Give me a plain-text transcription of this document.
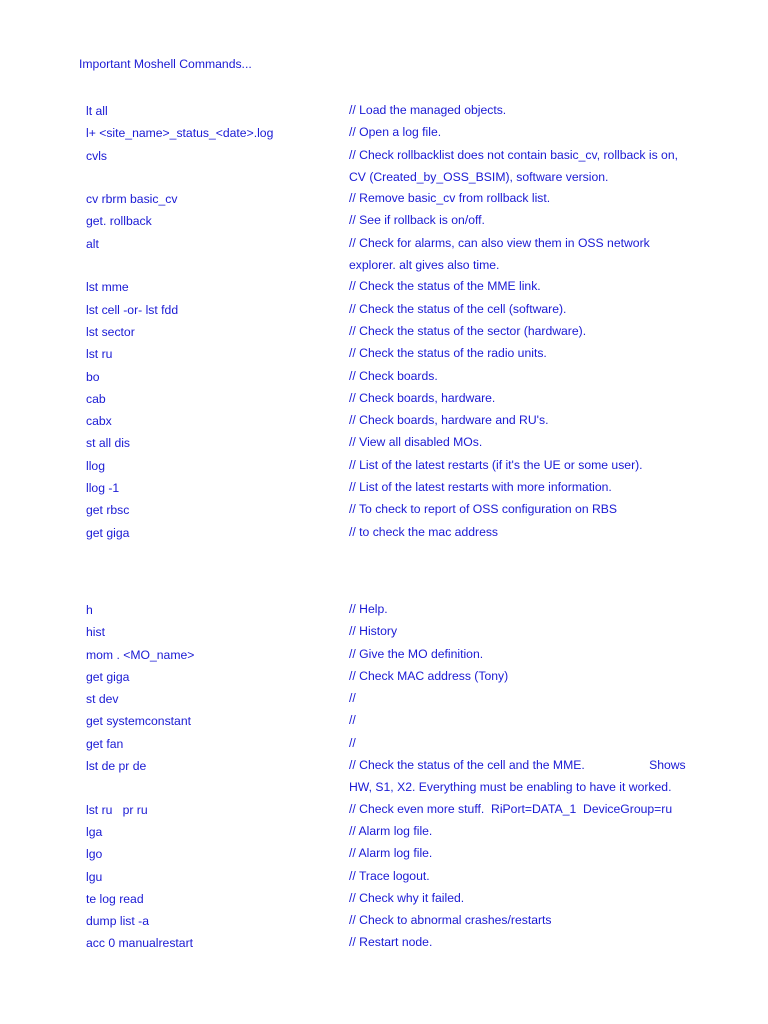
Important Moshell Commands...
lt all	// Load the managed objects.
l+ <site_name>_status_<date>.log	// Open a log file.
cvls	// Check rollbacklist does not contain basic_cv, rollback is on,
CV (Created_by_OSS_BSIM), software version.
cv rbrm basic_cv	// Remove basic_cv from rollback list.
get. rollback	// See if rollback is on/off.
alt	// Check for alarms, can also view them in OSS network
explorer. alt gives also time.
lst mme	// Check the status of the MME link.
lst cell -or- lst fdd	// Check the status of the cell (software).
lst sector	// Check the status of the sector (hardware).
lst ru	// Check the status of the radio units.
bo	// Check boards.
cab	// Check boards, hardware.
cabx	// Check boards, hardware and RU's.
st all dis	// View all disabled MOs.
llog	// List of the latest restarts (if it's the UE or some user).
llog -1	// List of the latest restarts with more information.
get rbsc	// To check to report of OSS configuration on RBS
get giga	// to check the mac address
h	// Help.
hist	// History
mom . <MO_name>	// Give the MO definition.
get giga	// Check MAC address (Tony)
st dev	//
get systemconstant	//
get fan	//
lst de pr de	// Check the status of the cell and the MME.                   Shows
HW, S1, X2. Everything must be enabling to have it worked.
lst ru   pr ru	// Check even more stuff.  RiPort=DATA_1  DeviceGroup=ru
lga	// Alarm log file.
lgo	// Alarm log file.
lgu	// Trace logout.
te log read	// Check why it failed.
dump list -a	// Check to abnormal crashes/restarts
acc 0 manualrestart	// Restart node.
